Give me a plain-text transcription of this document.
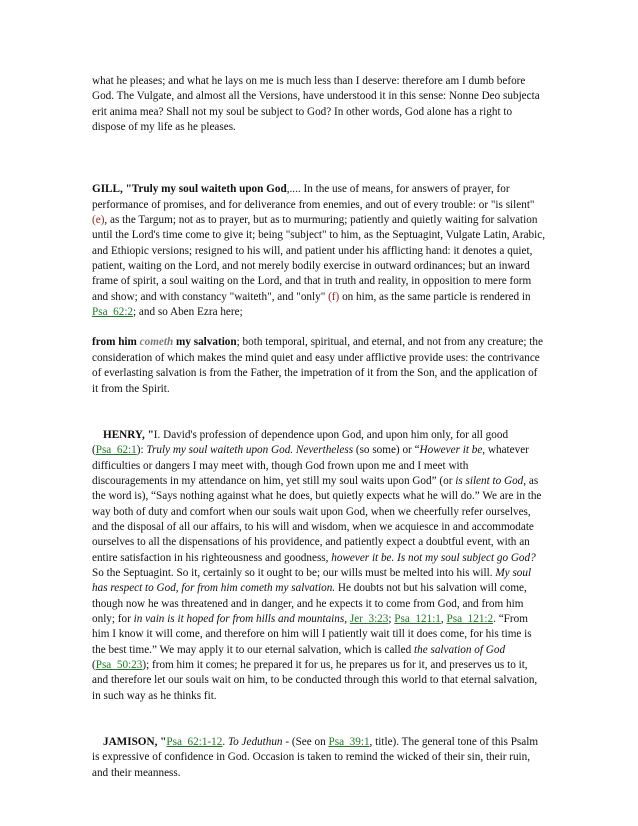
what he pleases; and what he lays on me is much less than I deserve: therefore am I dumb before God. The Vulgate, and almost all the Versions, have understood it in this sense: Nonne Deo subjecta erit anima mea? Shall not my soul be subject to God? In other words, God alone has a right to dispose of my life as he pleases.

GILL, "Truly my soul waiteth upon God,.... In the use of means, for answers of prayer, for performance of promises, and for deliverance from enemies, and out of every trouble: or "is silent" (e), as the Targum; not as to prayer, but as to murmuring; patiently and quietly waiting for salvation until the Lord's time come to give it; being "subject" to him, as the Septuagint, Vulgate Latin, Arabic, and Ethiopic versions; resigned to his will, and patient under his afflicting hand: it denotes a quiet, patient, waiting on the Lord, and not merely bodily exercise in outward ordinances; but an inward frame of spirit, a soul waiting on the Lord, and that in truth and reality, in opposition to mere form and show; and with constancy "waiteth", and "only" (f) on him, as the same particle is rendered in Psa_62:2; and so Aben Ezra here;

from him cometh my salvation; both temporal, spiritual, and eternal, and not from any creature; the consideration of which makes the mind quiet and easy under afflictive provide uses: the contrivance of everlasting salvation is from the Father, the impetration of it from the Son, and the application of it from the Spirit.

HENRY, "I. David's profession of dependence upon God, and upon him only, for all good (Psa_62:1): Truly my soul waiteth upon God. Nevertheless (so some) or “However it be, whatever difficulties or dangers I may meet with, though God frown upon me and I meet with discouragements in my attendance on him, yet still my soul waits upon God” (or is silent to God, as the word is), “Says nothing against what he does, but quietly expects what he will do.” We are in the way both of duty and comfort when our souls wait upon God, when we cheerfully refer ourselves, and the disposal of all our affairs, to his will and wisdom, when we acquiesce in and accommodate ourselves to all the dispensations of his providence, and patiently expect a doubtful event, with an entire satisfaction in his righteousness and goodness, however it be. Is not my soul subject go God? So the Septuagint. So it, certainly so it ought to be; our wills must be melted into his will. My soul has respect to God, for from him cometh my salvation. He doubts not but his salvation will come, though now he was threatened and in danger, and he expects it to come from God, and from him only; for in vain is it hoped for from hills and mountains, Jer_3:23; Psa_121:1, Psa_121:2. “From him I know it will come, and therefore on him will I patiently wait till it does come, for his time is the best time.” We may apply it to our eternal salvation, which is called the salvation of God (Psa_50:23); from him it comes; he prepared it for us, he prepares us for it, and preserves us to it, and therefore let our souls wait on him, to be conducted through this world to that eternal salvation, in such way as he thinks fit.

JAMISON, "Psa_62:1-12. To Jeduthun - (See on Psa_39:1, title). The general tone of this Psalm is expressive of confidence in God. Occasion is taken to remind the wicked of their sin, their ruin, and their meanness.
